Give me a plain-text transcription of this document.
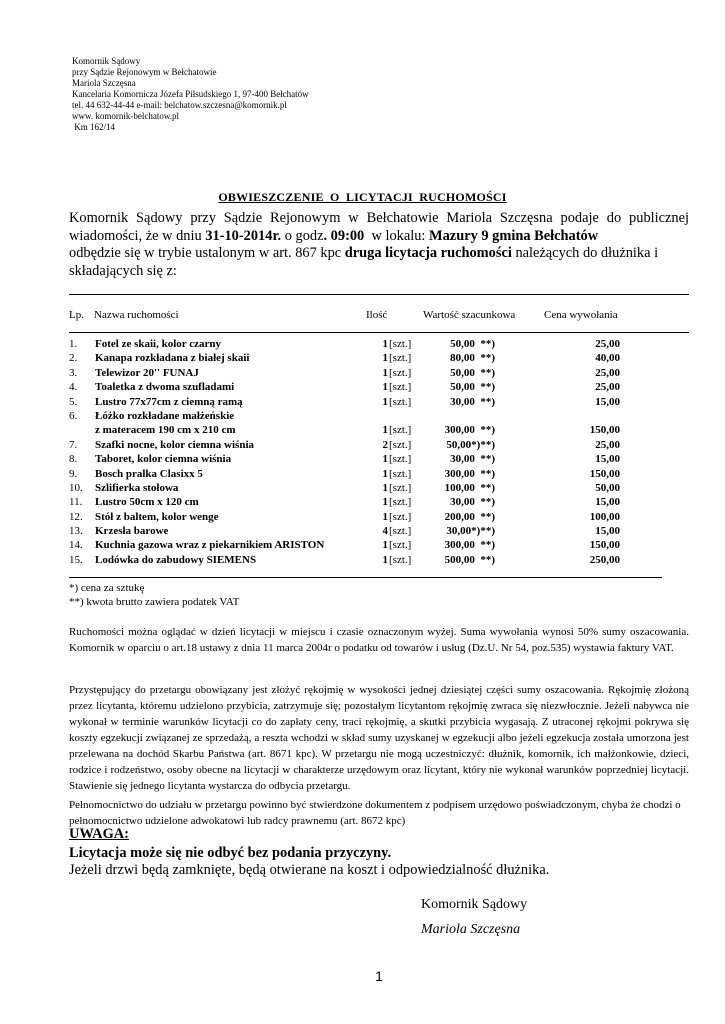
Komornik Sądowy
przy Sądzie Rejonowym w Bełchatowie
Mariola Szczęsna
Kancelaria Komornicza Józefa Piłsudskiego 1, 97-400 Bełchatów
tel. 44 632-44-44 e-mail: belchatow.szczesna@komornik.pl
www. komornik-belchatow.pl
Km 162/14
OBWIESZCZENIE  O  LICYTACJI  RUCHOMOŚCI
Komornik Sądowy przy Sądzie Rejonowym w Bełchatowie Mariola Szczęsna podaje do publicznej
wiadomości, że w dniu 31-10-2014r. o godz. 09:00  w lokalu: Mazury 9 gmina Bełchatów
odbędzie się w trybie ustalonym w art. 867 kpc druga licytacja ruchomości należących do dłużnika i
składających się z:
Lp. Nazwa ruchomości	Ilość	Wartość szacunkowa	Cena wywołania
1. Fotel ze skaii, kolor czarny	1 [szt.]	50,00  **)	25,00
2. Kanapa rozkładana z białej skaii	1 [szt.]	80,00  **)	40,00
3. Telewizor 20'' FUNAJ	1 [szt.]	50,00  **)	25,00
4. Toaletka z dwoma szufladami	1 [szt.]	50,00  **)	25,00
5. Lustro 77x77cm z ciemną ramą	1 [szt.]	30,00  **)	15,00
6. Łóżko rozkładane małżeńskie
z materacem 190 cm x 210 cm	1 [szt.]	300,00  **)	150,00
7. Szafki nocne, kolor ciemna wiśnia	2 [szt.]	50,00*)**)	25,00
8. Taboret, kolor ciemna wiśnia	1 [szt.]	30,00  **)	15,00
9. Bosch pralka Clasixx 5	1 [szt.]	300,00  **)	150,00
10. Szlifierka stołowa	1 [szt.]	100,00  **)	50,00
11. Lustro 50cm x 120 cm	1 [szt.]	30,00  **)	15,00
12. Stół z baltem, kolor wenge	1 [szt.]	200,00  **)	100,00
13. Krzesła barowe	4 [szt.]	30,00*)**)	15,00
14. Kuchnia gazowa wraz z piekarnikiem ARISTON	1 [szt.]	300,00  **)	150,00
15. Lodówka do zabudowy SIEMENS	1 [szt.]	500,00  **)	250,00
*) cena za sztukę
**) kwota brutto zawiera podatek VAT
Ruchomości można oglądać w dzień licytacji w miejscu i czasie oznaczonym wyżej. Suma wywołania wynosi 50% sumy oszacowania. Komornik w oparciu o art.18 ustawy z dnia 11 marca 2004r o podatku od towarów i usług (Dz.U. Nr 54, poz.535) wystawia faktury VAT.
Przystępujący do przetargu obowiązany jest złożyć rękojmię w wysokości jednej dziesiątej części sumy oszacowania. Rękojmię złożoną przez licytanta, któremu udzielono przybicia, zatrzymuje się; pozostałym licytantom rękojmię zwraca się niezwłocznie. Jeżeli nabywca nie wykonał w terminie warunków licytacji co do zapłaty ceny, traci rękojmię, a skutki przybicia wygasają. Z utraconej rękojmi pokrywa się koszty egzekucji związanej ze sprzedażą, a reszta wchodzi w skład sumy uzyskanej w egzekucji albo jeżeli egzekucja została umorzona jest przelewana na dochód Skarbu Państwa (art. 8671 kpc). W przetargu nie mogą uczestniczyć: dłużnik, komornik, ich małżonkowie, dzieci, rodzice i rodzeństwo, osoby obecne na licytacji w charakterze urzędowym oraz licytant, który nie wykonał warunków poprzedniej licytacji. Stawienie się jednego licytanta wystarcza do odbycia przetargu.
Pełnomocnictwo do udziału w przetargu powinno być stwierdzone dokumentem z podpisem urzędowo poświadczonym, chyba że chodzi o pełnomocnictwo udzielone adwokatowi lub radcy prawnemu (art. 8672 kpc)
UWAGA:
Licytacja może się nie odbyć bez podania przyczyny.
Jeżeli drzwi będą zamknięte, będą otwierane na koszt i odpowiedzialność dłużnika.
Komornik Sądowy
Mariola Szczęsna
1
